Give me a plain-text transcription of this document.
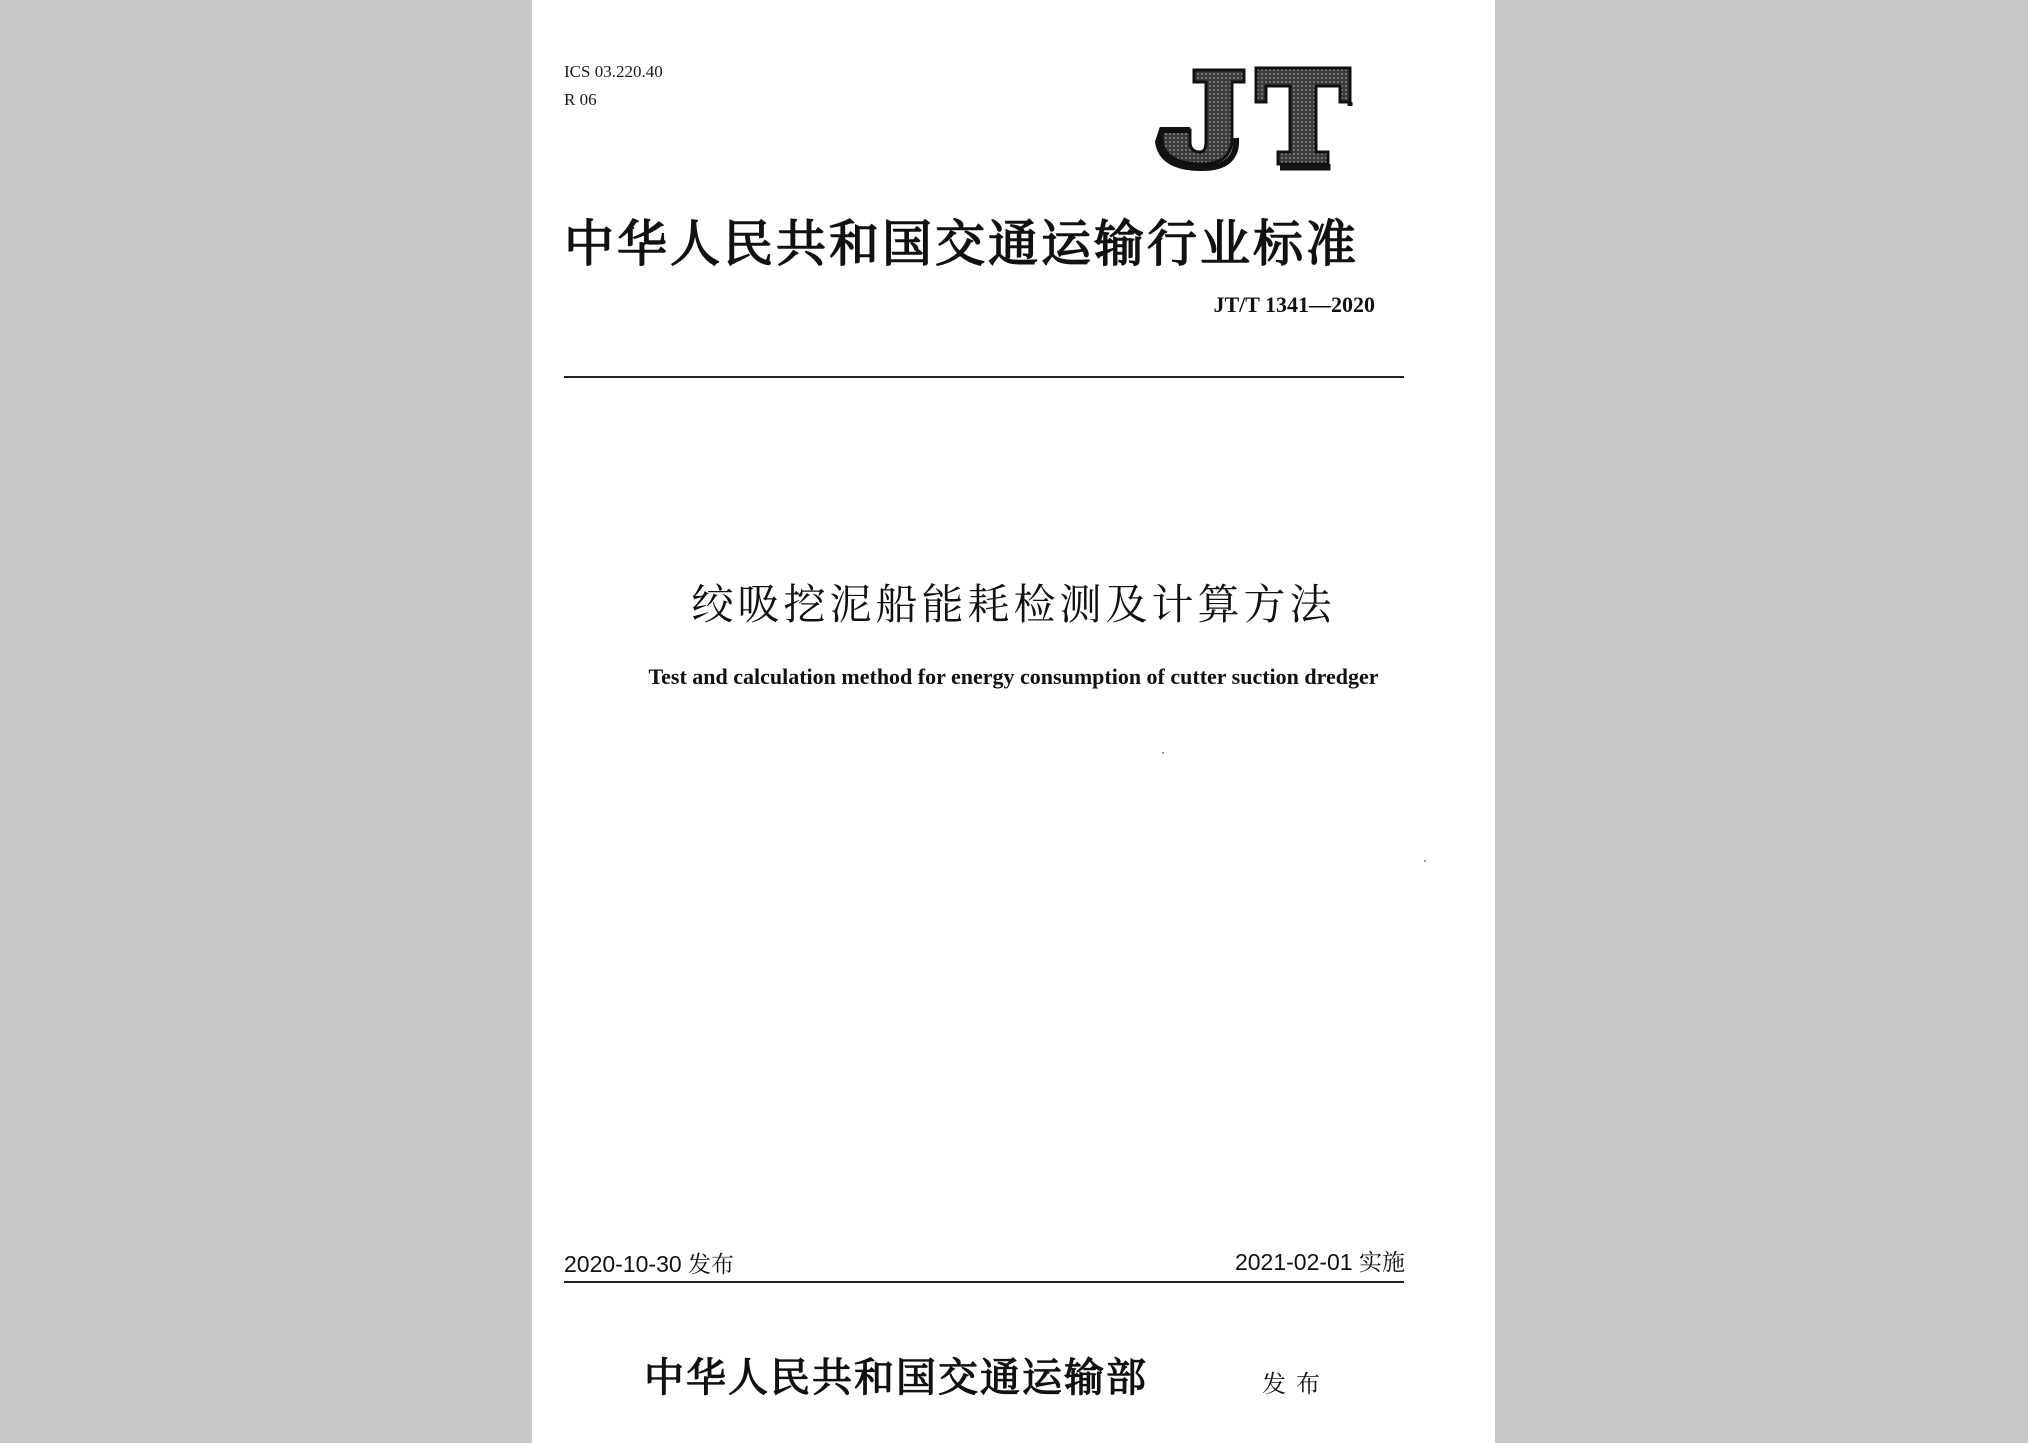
ICS 03.220.40
R 06
JT
中华人民共和国交通运输行业标准
JT/T 1341—2020
绞吸挖泥船能耗检测及计算方法
Test and calculation method for energy consumption of cutter suction dredger
2020-10-30 发布	2021-02-01 实施
中华人民共和国交通运输部	发布
